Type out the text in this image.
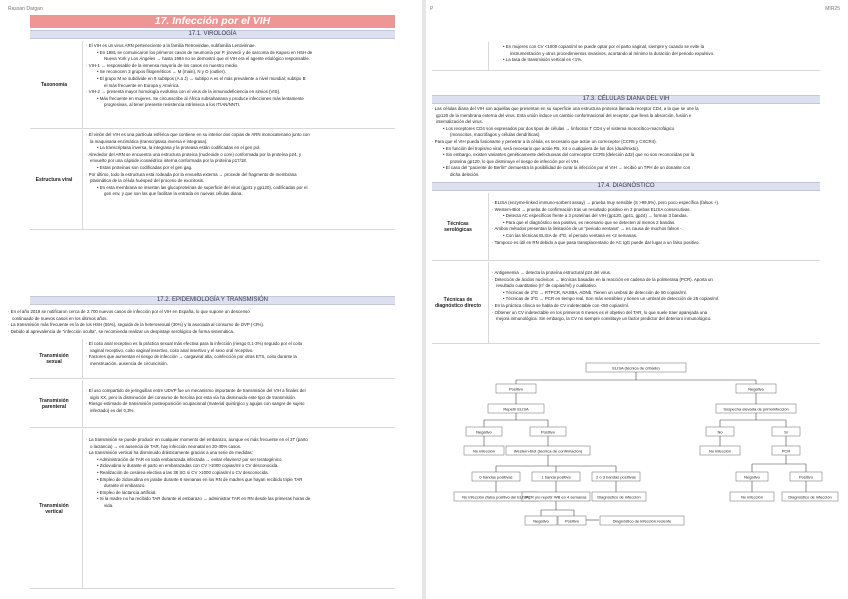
Rassan Dargan
17. Infección por el VIH
17.1. VIROLOGÍA
Taxonomía
· El VIH es un virus ARN perteneciente a la familia Retroviridae, subfamilia Lentivirinae.
• En 1981 se comunicaron los primeros casos de neumonía por P. jirovecii y de sarcoma de Kaposi en HSH de
Nueva York y Los Ángeles → hasta 1984 no se demostró que el VIH era el agente etiológico responsable.
· VIH-1 → responsable de la inmensa mayoría de los casos en nuestro medio.
• Se reconocen 3 grupos filogenéticos → M (main), N y O (outlier).
• El grupo M se subdivide en 9 subtipos (A a J) → subtipo A es el más prevalente a nivel mundial; subtipo B
el más frecuente en Europa y América.
· VIH-2 → presenta mayor homología evolutiva con el virus de la inmunodeficiencia en simios (VIS).
• Más frecuente en mujeres. Se circunscribe al África subsahariana y produce infecciones más lentamente
progresivas, al tener presente resistencia intrínseca a los ITIAN/NNTI.
Estructura viral
· El virión del VIH es una partícula esférica que contiene en su interior dos copias de ARN monocatenario junto con
la maquinaria enzimática (transcriptasa inversa e integrasa).
• La transcriptasa inversa, la integrasa y la proteasa están codificadas en el gen pol.
· Alrededor del ARN se encuentra una estructura proteica (nucleoide o core) conformada por la proteína p24, y
envuelto por una cápside icosaédrica interna conformada por la proteína p17/18.
• Estas proteínas son codificadas por el gen gag.
· Por último, todo la estructura está rodeada por la envuelta externa → procede del fragmento de membrana
plasmática de la célula huésped del proceso de exocitosis.
• En esta membrana se insertan las glucoproteínas de superficie del virus (gp41 y gp120), codificadas por el
gen env, y que son las que facilitan la entrada en nuevas células diana.
17.2. EPIDEMIOLOGÍA Y TRANSMISIÓN
· En el año 2019 se notificaron cerca de 2.700 nuevos casos de infección por el VIH en España, lo que supone un descenso
continuado de nuevos casos en los últimos años.
· La transmisión más frecuente es la de los HSH (56%), seguida de la heterosexual (30%) y la asociada al consumo de DVP (<3%).
· Debido al aprevalencia de "infección oculta", se recomienda realizar un despistaje serológico de forma sistemática.
Transmisión sexual
· El coito anal receptivo es la práctica sexual más efectiva para la infección (riesgo 0,1-3%) seguido por el coito
vaginal receptivo, coito vaginal insertivo, coito anal insertivo y el sexo oral receptivo.
· Factores que aumentan el riesgo de infección → cargaviral alta, coinfección por otras ETS, coito durante la
menstruación, ausencia de circuncisión.
Transmisión parenteral
· El uso compartido de jeringuillas entre UDVP fue un mecanismo importante de transmisión del VIH a finales del
siglo XX, pero la disminución del consumo de heroína por esta vía ha disminuido este tipo de transmisión.
· Riesgo estimado de transmisión postexposición ocupacional (material quirúrgico y agujas con sangre de sujeto
infectado) es del 0,3%.
Transmisión vertical
· La transmisión se puede producir en cualquier momento del embarazo, aunque es más frecuente en el 3T (parto
o lactancia) → en ausencia de TAR, hay infección neonatal en 20-30% casos.
· La transmisión vertical ha disminuido drásticamente gracias a una serie de medidas:
• Administración de TAR en toda embarazada infectada → evitar efavirenz por ser teratogénico.
• Zidovudina iv durante el parto en embarazadas con CV >1000 copias/ml o CV desconocida.
• Realización de cesárea electiva a las 38 SG si CV >1000 copias/ml o CV desconocida.
• Empleo de zidovudina en jarabe durante 6 semanas en los RN de madres que hayan recibido triple TAR
durante el embarazo.
• Empleo de lactancia artificial.
• Si la madre no ha recibido TAR durante el embarazo → administrar TAR en RN desde las primeras horas de
vida.
P	MIR25
• En mujeres con CV <1000 copias/ml se puede optar por el parto vaginal, siempre y cuando se evite la
instrumentación y otros procedimientos invasivos, acortando al mínimo la duración del periodo expulsivo.
• La tasa de transmisión vertical es <1%.
17.3. CÉLULAS DIANA DEL VIH
· Las células diana del VIH son aquellas que presentan en su superficie una estructura proteica llamada receptor CD4, a la que se une la
gp120 de la membrana externa del virus. Esta unión induce un cambio conformacional del receptor, que lleva la absorción, fusión e
internalización del virus.
• Los receptores CD4 son expresados por dos tipos de células → linfocitos T CD4 y el sistema monocítico-macrofágico
(monocitos, macrófagos y células dendríticas).
· Para que el VIH pueda fusionarse y penetrar a la célula, es necesario que actúe un correceptor (CCR5 y CXCR4).
• En función del tropismo viral, será necesario que actúe R5, X4 o cualquiera de los dos (dual/mixto).
• Sin embargo, existen variantes genéticamente defectuosas del correceptor CCR5 (deleción Δ32) que no son reconocidas por la
proteína gp120, lo que disminuye el riesgo de infección por el VIH.
• El caso del "paciente de Berlín" demuestra la posibilidad de curar la infección por el VIH → recibió un TPH de un donante con
dicha deleción.
17.4. DIAGNÓSTICO
Técnicas serológicas
· ELISA (enzyme-linked immuno-sorbent assay) → prueba muy sensible (S >99,5%), pero poco específica (falsos +).
· Western-Blot → prueba de confirmación tras un resultado positivo en 2 pruebas ELISA consecutivas.
• Detecta AC específicos frente a 3 proteínas del VIH (gp120, gp41, gp24) → forman 3 bandas.
• Para que el diagnóstico sea positivo, es necesario que se detecten al menos 2 bandas.
· Ambos métodos presentan la limitación de un "periodo ventana" → es causa de muchos falsos -.
• Con las técnicas ELISA de 4ªG, el periodo ventana es <2 semanas.
· Tampoco es útil en RN debido a que pasa transplacentario de AC IgG puede dar lugar a un falso positivo.
Técnicas de diagnóstico directo
· Antigenemia → detecta la proteína estructural p24 del virus.
· Detección de ácidos nucleicos → técnicas basadas en la reacción en cadena de la polimerasa (PCR). Aporta un
resultado cuantitativo (nº de copias/ml) y cualitativo.
• Técnicas de 2ºG → RTPCR, NASBA, ADNb. Tienen un umbral de detección de 50 copias/ml.
• Técnicas de 3ºG → PCR en tiempo real. Son más sensibles y tienen un umbral de detección de 25 copias/ml.
· En la práctica clínica se habla de CV indetectable con <50 copias/ml.
· Obtener un CV indetectable en los primeros 6 meses es el objetivo del TAR, lo que suele traer aparejada una
mejora inmunológica. Sin embargo, la CV no siempre constituye un factor predictor del deterioro inmunológico.
ELISA (técnica de cribado)
Positivo	Negativo
Repetir ELISA	Sospecha elevada de primoinfección
Negativo	Positivo	No	Sí
No infección	Western-blot (técnica de confirmación)	No infección	PCR
0 bandas positivas	1 banda positiva	2 ó 3 bandas positivas	Negativo	Positivo
No infección (falso positivo del ELISA)
PCR y/o repetir WB en 4 semanas	Diagnóstico de infección	No infección	Diagnóstico de infección
Negativo	Positivo	Diagnóstico de infección reciente
